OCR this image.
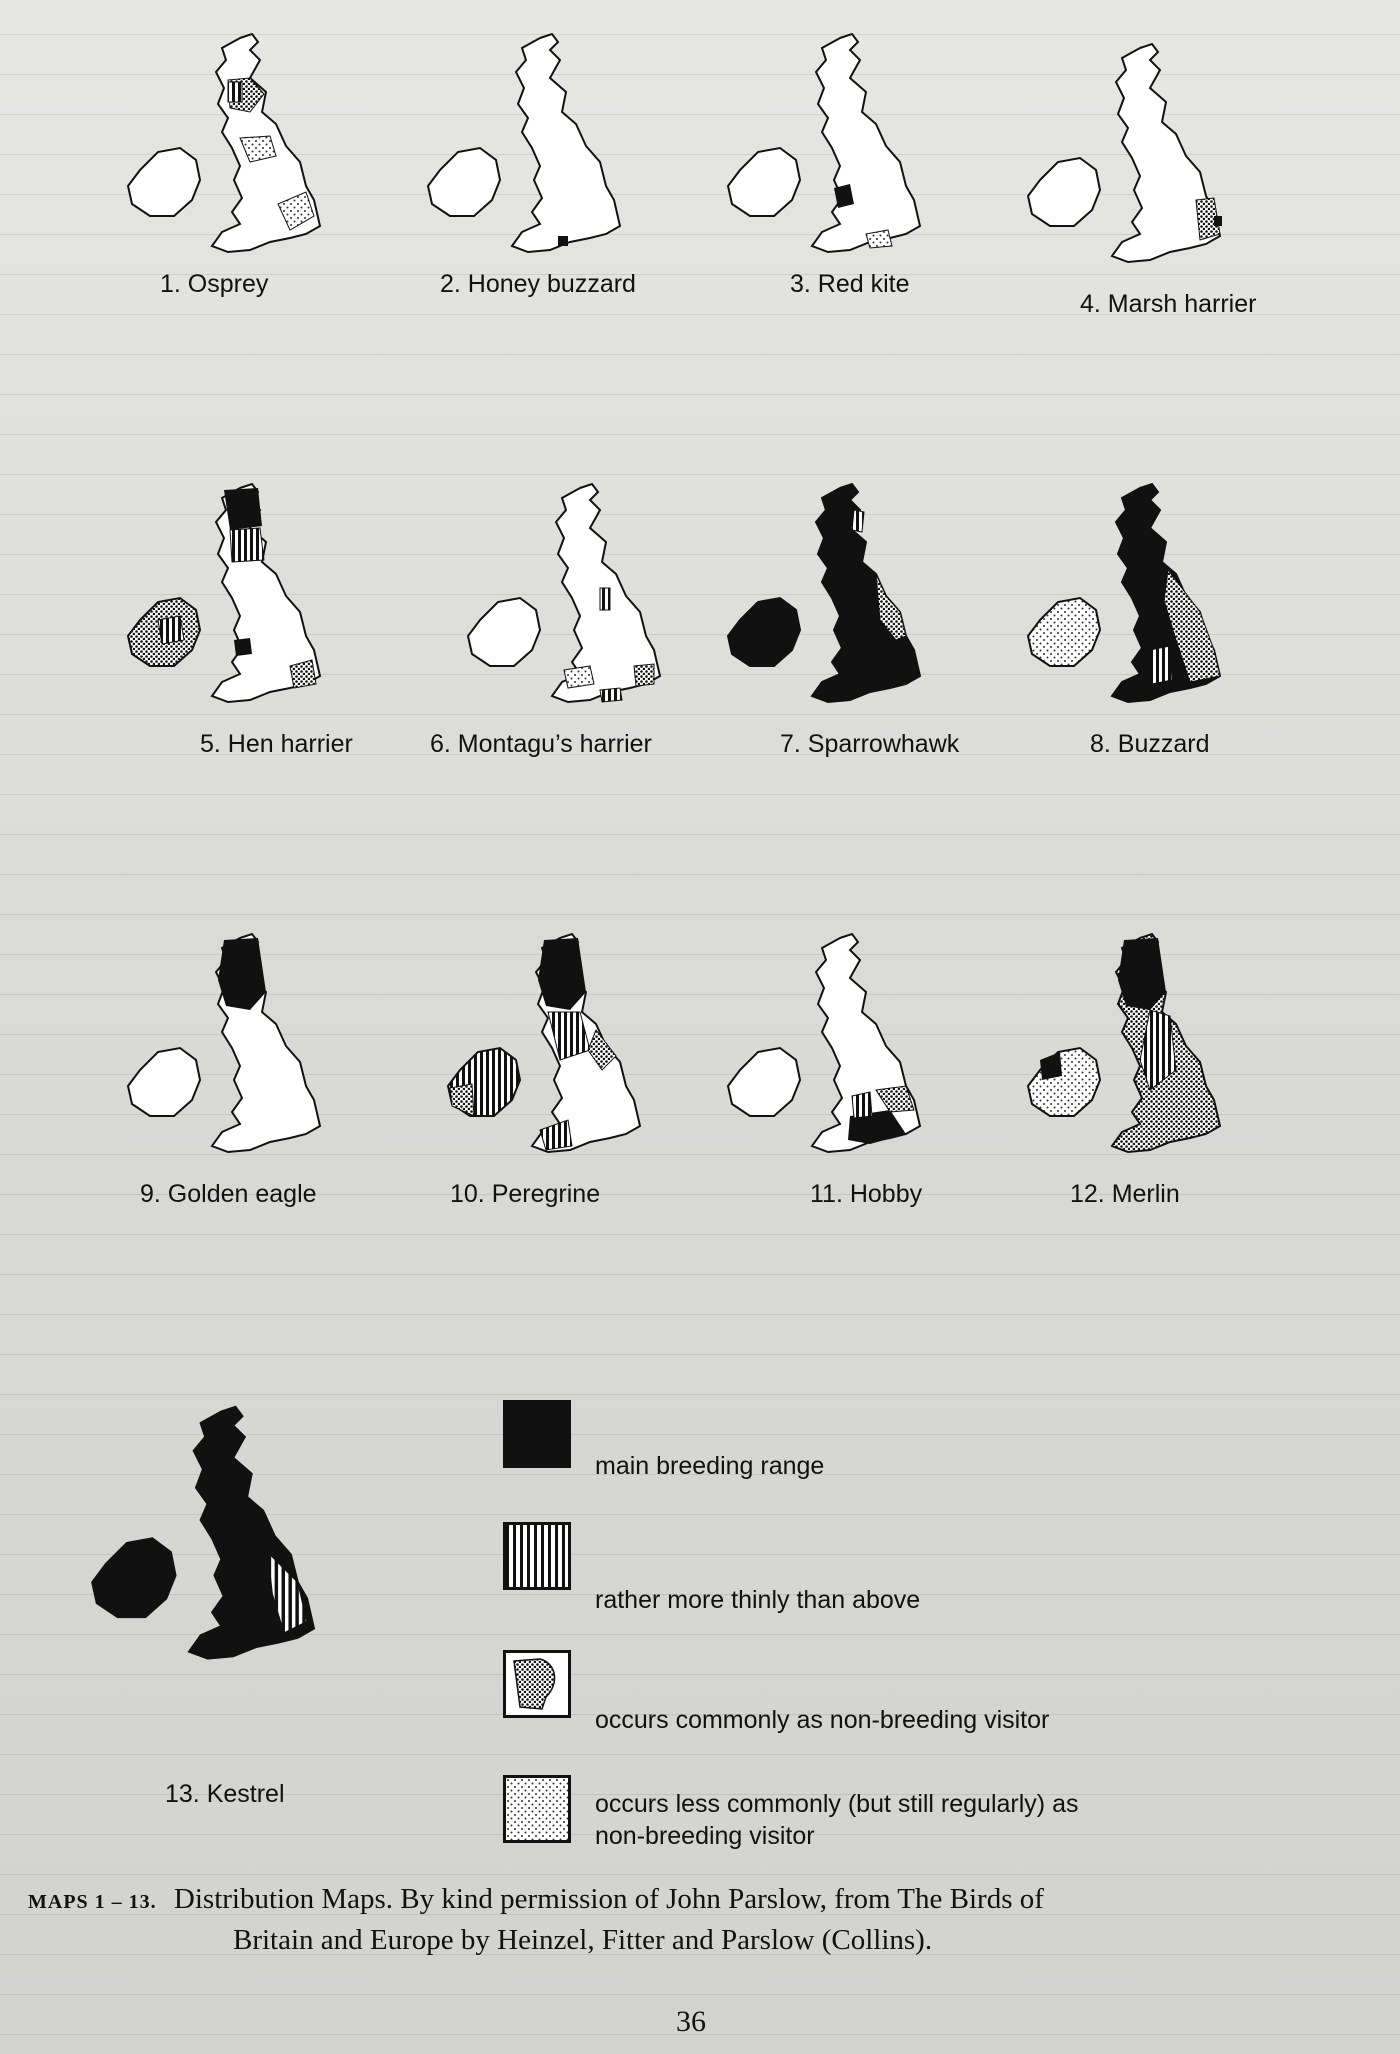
1. Osprey	2. Honey buzzard	3. Red kite
4. Marsh harrier
5. Hen harrier	6. Montagu’s harrier	7. Sparrowhawk	8. Buzzard
9. Golden eagle	10. Peregrine	11. Hobby	12. Merlin
13. Kestrel
main breeding range
rather more thinly than above
occurs commonly as non-breeding visitor
occurs less commonly (but still regularly) as
non-breeding visitor
MAPS 1 – 13. Distribution Maps. By kind permission of John Parslow, from The Birds of
Britain and Europe by Heinzel, Fitter and Parslow (Collins).
36
